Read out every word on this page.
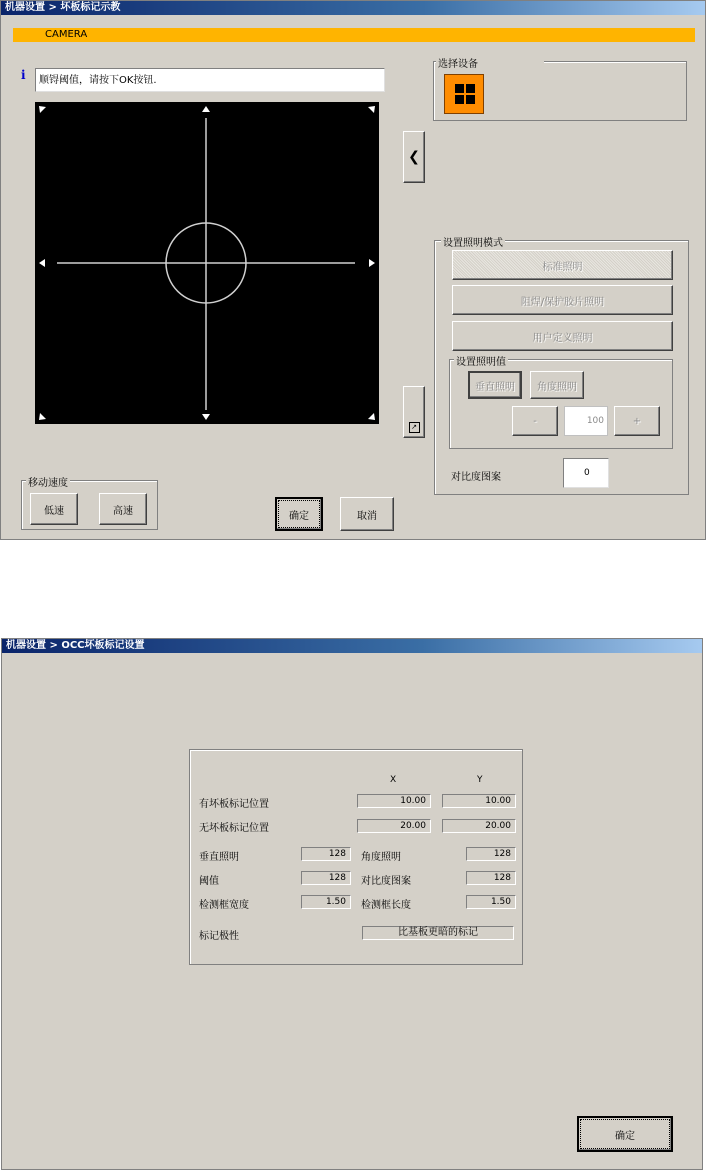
机器设置 > 坏板标记示教
CAMERA
i	顺锝阈值，请按下OK按钮.
❮
↗
选择设备
设置照明模式
标准照明
阻焊/保护胶片照明
用户定义照明
设置照明值
垂直照明	角度照明
-	100	+
对比度图案	0
移动速度
低速	高速	确定	取消
机器设置 > OCC坏板标记设置
X	Y
有坏板标记位置	10.00	10.00
无坏板标记位置	20.00	20.00
垂直照明	128	角度照明	128
阈值	128	对比度图案	128
检测框宽度	1.50	检测框长度	1.50
标记极性	比基板更暗的标记
确定
